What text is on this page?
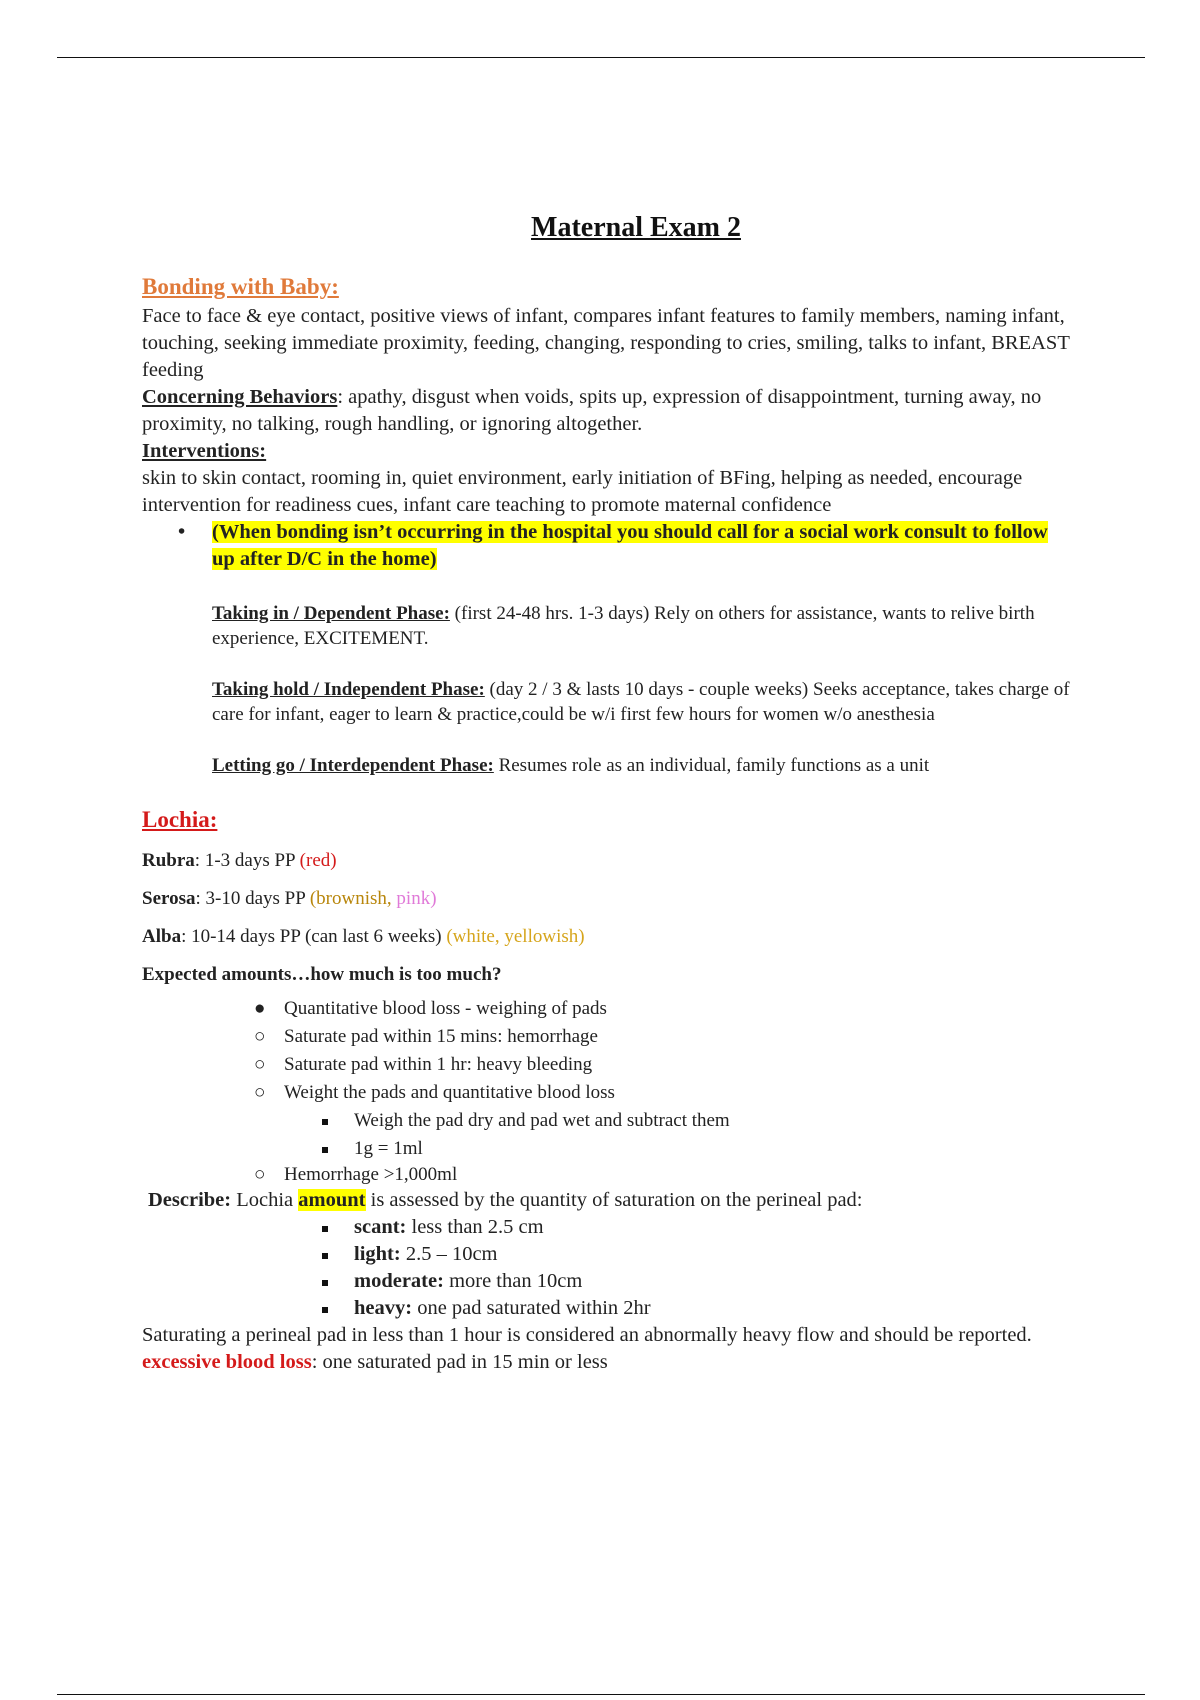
Maternal Exam 2
Bonding with Baby:

Face to face & eye contact, positive views of infant, compares infant features to family members, naming infant, touching, seeking immediate proximity, feeding, changing, responding to cries, smiling, talks to infant, BREAST feeding

Concerning Behaviors: apathy, disgust when voids, spits up, expression of disappointment, turning away, no proximity, no talking, rough handling, or ignoring altogether.

Interventions:

skin to skin contact, rooming in, quiet environment, early initiation of BFing, helping as needed, encourage intervention for readiness cues, infant care teaching to promote maternal confidence

• (When bonding isn’t occurring in the hospital you should call for a social work consult to follow up after D/C in the home)

Taking in / Dependent Phase: (first 24-48 hrs. 1-3 days) Rely on others for assistance, wants to relive birth experience, EXCITEMENT.

Taking hold / Independent Phase: (day 2 / 3 & lasts 10 days - couple weeks) Seeks acceptance, takes charge of care for infant, eager to learn & practice,could be w/i first few hours for women w/o anesthesia

Letting go / Interdependent Phase: Resumes role as an individual, family functions as a unit

Lochia:

Rubra: 1-3 days PP (red)

Serosa: 3-10 days PP (brownish, pink)

Alba: 10-14 days PP (can last 6 weeks) (white, yellowish)

Expected amounts…how much is too much?

● Quantitative blood loss - weighing of pads
○ Saturate pad within 15 mins: hemorrhage
○ Saturate pad within 1 hr: heavy bleeding
○ Weight the pads and quantitative blood loss
Weigh the pad dry and pad wet and subtract them
1g = 1ml
○ Hemorrhage >1,000ml

Describe: Lochia amount is assessed by the quantity of saturation on the perineal pad:

scant: less than 2.5 cm
light: 2.5 – 10cm
moderate: more than 10cm
heavy: one pad saturated within 2hr

Saturating a perineal pad in less than 1 hour is considered an abnormally heavy flow and should be reported. excessive blood loss: one saturated pad in 15 min or less
